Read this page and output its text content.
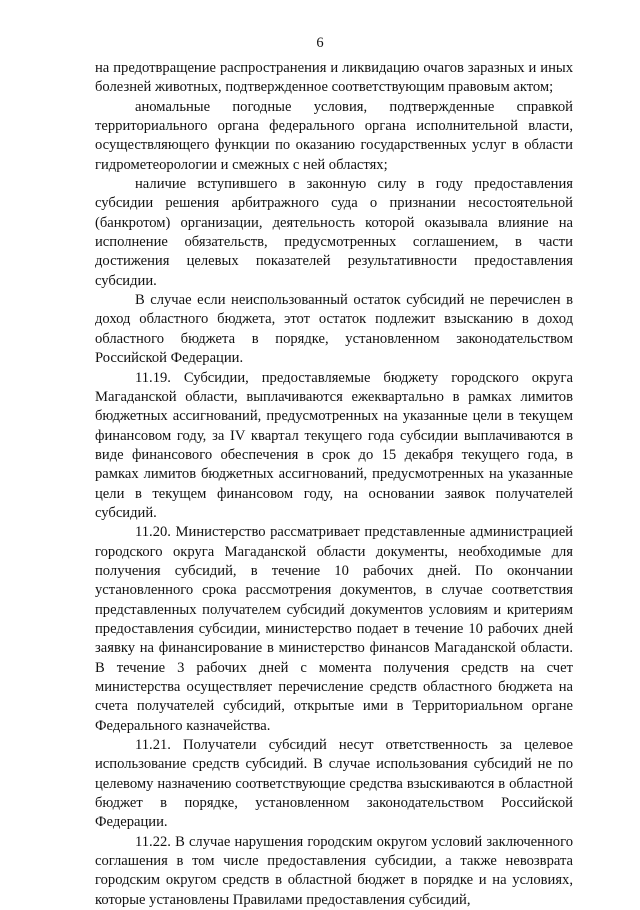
6

на предотвращение распространения и ликвидацию очагов заразных и иных болезней животных, подтвержденное соответствующим правовым актом;

аномальные погодные условия, подтвержденные справкой территориального органа федерального органа исполнительной власти, осуществляющего функции по оказанию государственных услуг в области гидрометеорологии и смежных с ней областях;

наличие вступившего в законную силу в году предоставления субсидии решения арбитражного суда о признании несостоятельной (банкротом) организации, деятельность которой оказывала влияние на исполнение обязательств, предусмотренных соглашением, в части достижения целевых показателей результативности предоставления субсидии.

В случае если неиспользованный остаток субсидий не перечислен в доход областного бюджета, этот остаток подлежит взысканию в доход областного бюджета в порядке, установленном законодательством Российской Федерации.

11.19. Субсидии, предоставляемые бюджету городского округа Магаданской области, выплачиваются ежеквартально в рамках лимитов бюджетных ассигнований, предусмотренных на указанные цели в текущем финансовом году, за IV квартал текущего года субсидии выплачиваются в виде финансового обеспечения в срок до 15 декабря текущего года, в рамках лимитов бюджетных ассигнований, предусмотренных на указанные цели в текущем финансовом году, на основании заявок получателей субсидий.

11.20. Министерство рассматривает представленные администрацией городского округа Магаданской области документы, необходимые для получения субсидий, в течение 10 рабочих дней. По окончании установленного срока рассмотрения документов, в случае соответствия представленных получателем субсидий документов условиям и критериям предоставления субсидии, министерство подает в течение 10 рабочих дней заявку на финансирование в министерство финансов Магаданской области. В течение 3 рабочих дней с момента получения средств на счет министерства осуществляет перечисление средств областного бюджета на счета получателей субсидий, открытые ими в Территориальном органе Федерального казначейства.

11.21. Получатели субсидий несут ответственность за целевое использование средств субсидий. В случае использования субсидий не по целевому назначению соответствующие средства взыскиваются в областной бюджет в порядке, установленном законодательством Российской Федерации.

11.22. В случае нарушения городским округом условий заключенного соглашения в том числе предоставления субсидии, а также невозврата городским округом средств в областной бюджет в порядке и на условиях, которые установлены Правилами предоставления субсидий,
